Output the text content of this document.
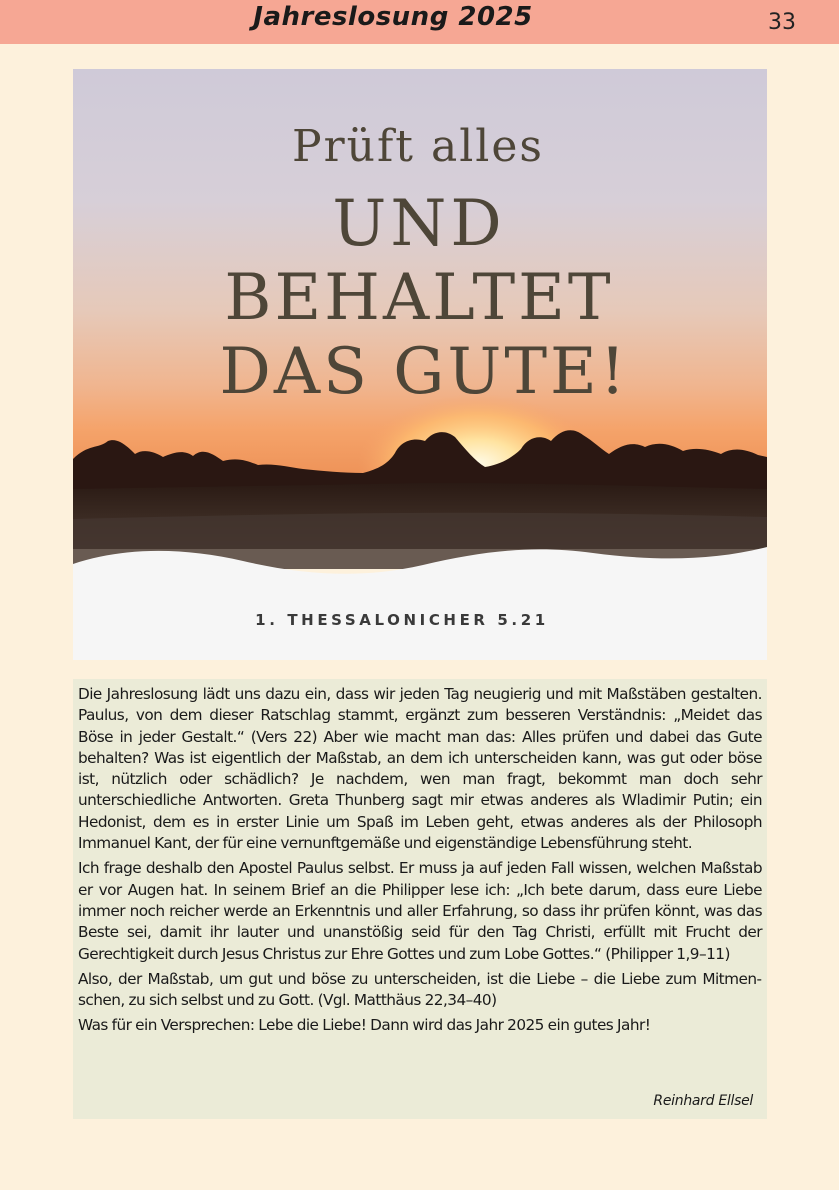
Jahreslosung 2025	33
Prüft alles
UND
BEHALTET
DAS GUTE!
1. THESSALONICHER 5.21

Die Jahreslosung lädt uns dazu ein, dass wir jeden Tag neugierig und mit Maßstäben gestalten. Paulus, von dem dieser Ratschlag stammt, ergänzt zum besseren Verständnis: „Meidet das Böse in jeder Gestalt.“ (Vers 22) Aber wie macht man das: Alles prüfen und dabei das Gute behalten? Was ist eigentlich der Maßstab, an dem ich unterscheiden kann, was gut oder böse ist, nützlich oder schädlich? Je nachdem, wen man fragt, bekommt man doch sehr unterschiedliche Antworten. Greta Thunberg sagt mir etwas anderes als Wladimir Putin; ein Hedonist, dem es in erster Linie um Spaß im Leben geht, etwas anderes als der Philosoph Immanuel Kant, der für eine vernunftgemäße und eigenständige Lebensführung steht.

Ich frage deshalb den Apostel Paulus selbst. Er muss ja auf jeden Fall wissen, welchen Maßstab er vor Augen hat. In seinem Brief an die Philipper lese ich: „Ich bete darum, dass eure Liebe immer noch reicher werde an Erkenntnis und aller Erfahrung, so dass ihr prüfen könnt, was das Beste sei, damit ihr lauter und unanstößig seid für den Tag Christi, erfüllt mit Frucht der Gerechtigkeit durch Jesus Christus zur Ehre Gottes und zum Lobe Gottes.“ (Philipper 1,9–11)

Also, der Maßstab, um gut und böse zu unterscheiden, ist die Liebe – die Liebe zum Mitmenschen, zu sich selbst und zu Gott. (Vgl. Matthäus 22,34–40)

Was für ein Versprechen: Lebe die Liebe! Dann wird das Jahr 2025 ein gutes Jahr!

Reinhard Ellsel
